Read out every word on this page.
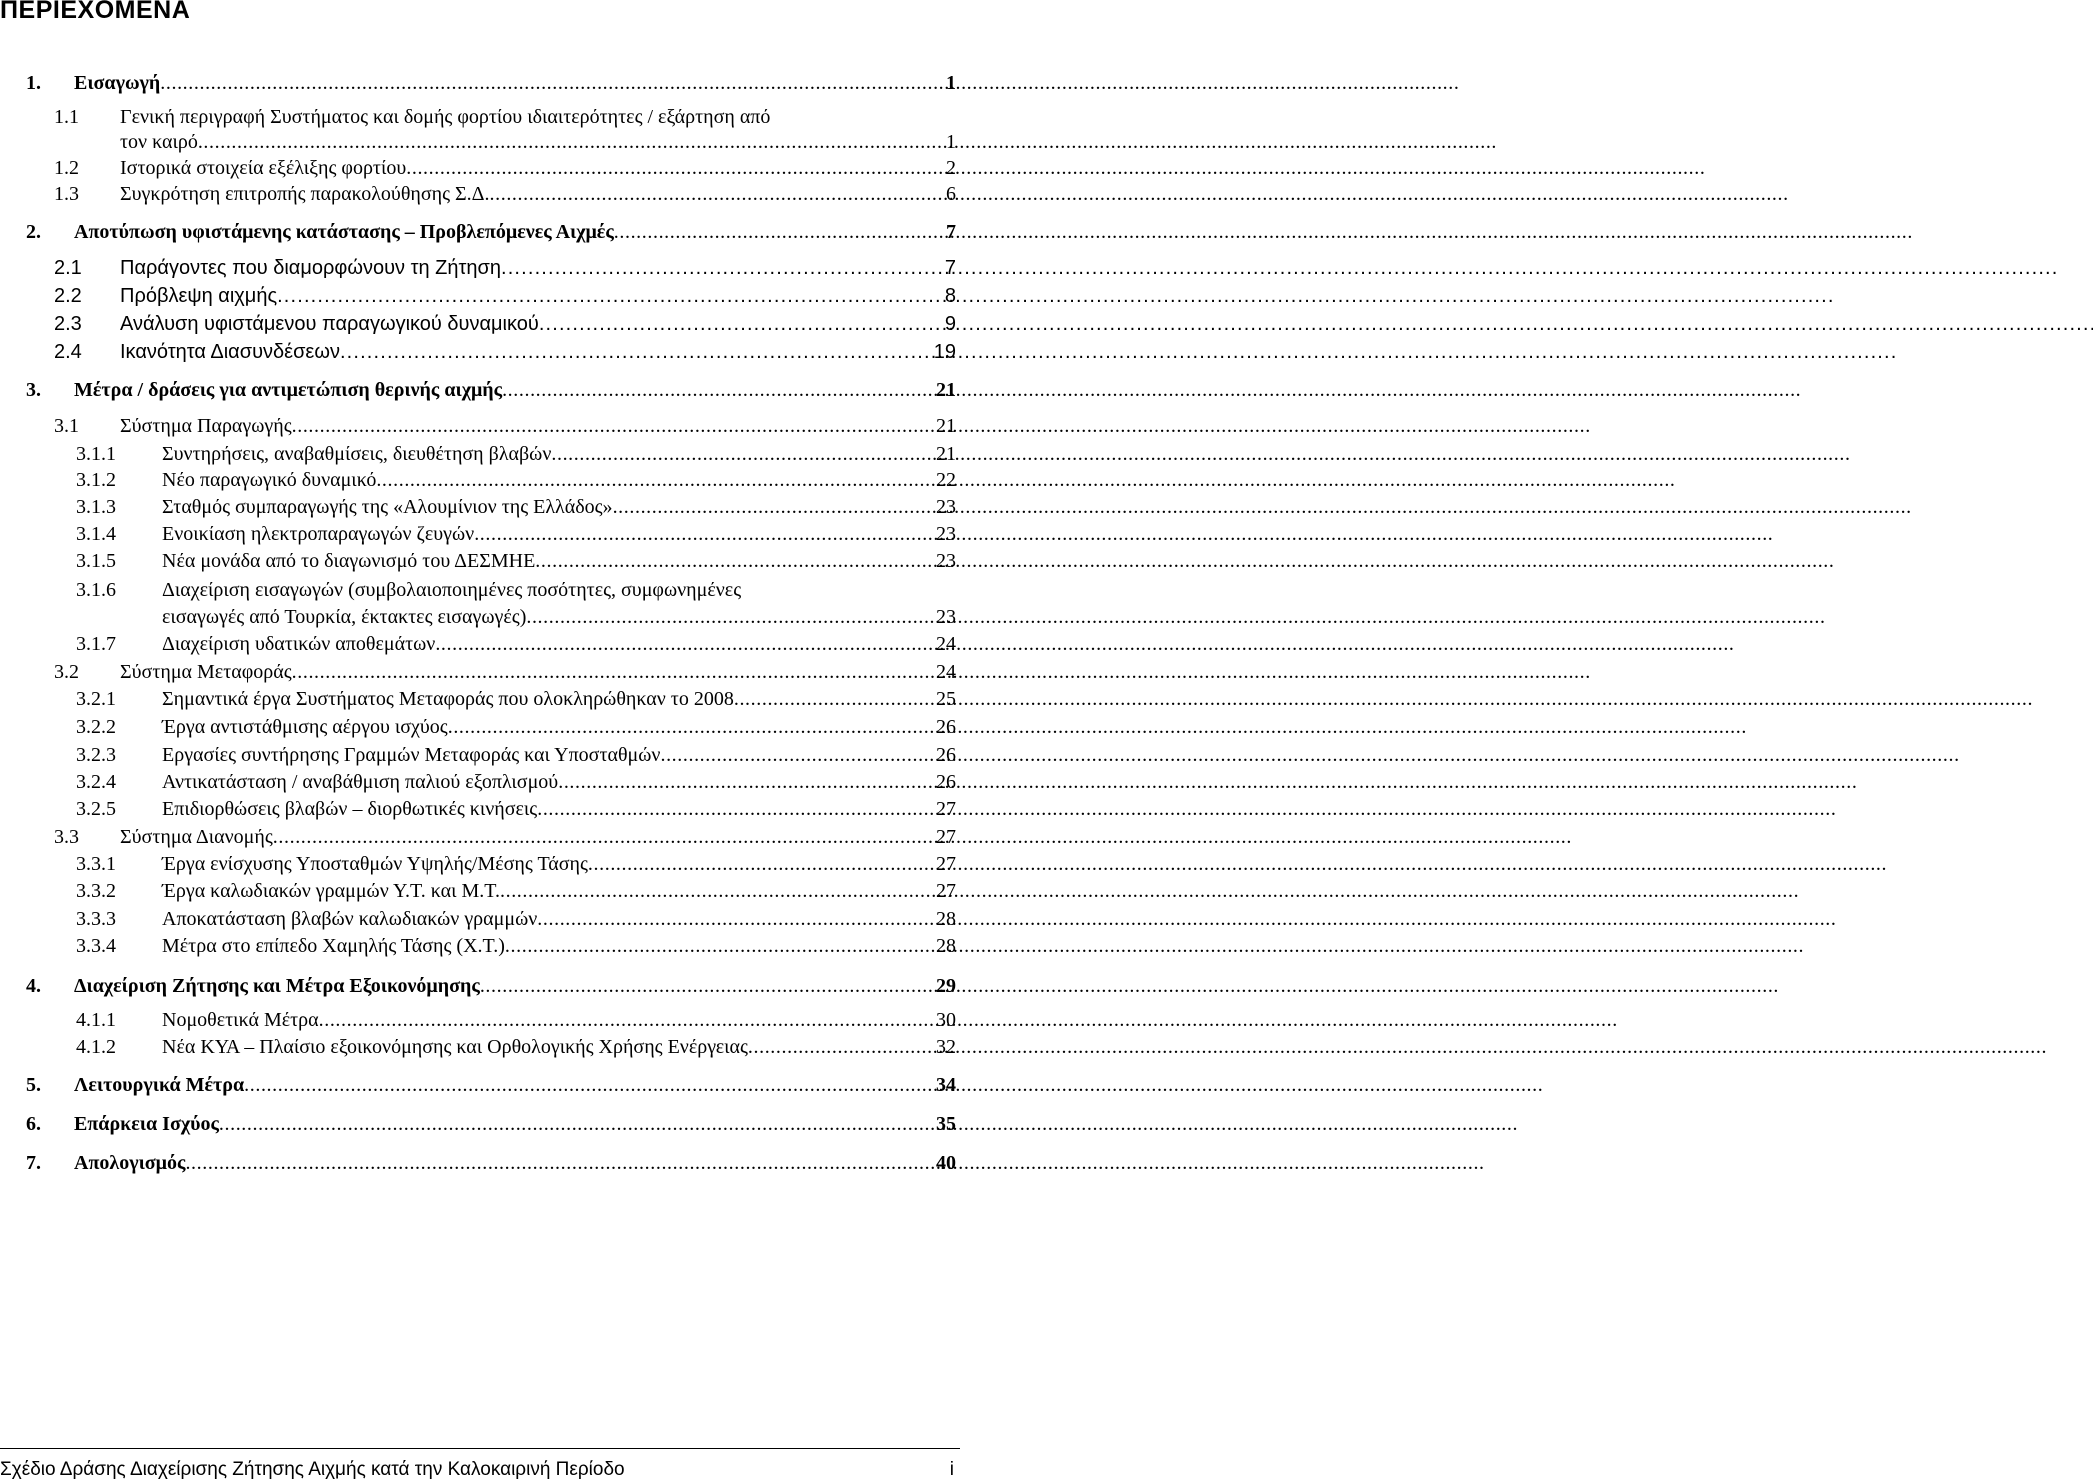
ΠΕΡΙΕΧΟΜΕΝΑ
1.	Εισαγωγή . . .	1
1.1 Γενική περιγραφή Συστήματος και δομής φορτίου ιδιαιτερότητες / εξάρτηση από
τον καιρό . . .	1
1.2	Ιστορικά στοιχεία εξέλιξης φορτίου . . .	2
1.3	Συγκρότηση επιτροπής παρακολούθησης Σ.Δ. . . .	6
2.	Αποτύπωση υφιστάμενης κατάστασης – Προβλεπόμενες Αιχμές . . .	7
2.1	Παράγοντες που διαμορφώνουν τη Ζήτηση . . .	7
2.2	Πρόβλεψη αιχμής . . .	8
2.3	Ανάλυση υφιστάμενου παραγωγικού δυναμικού . . .	9
2.4	Ικανότητα Διασυνδέσεων . . .	19
3.	Μέτρα / δράσεις για αντιμετώπιση θερινής αιχμής . . .	21
3.1	Σύστημα Παραγωγής . . .	21
3.1.1	Συντηρήσεις, αναβαθμίσεις, διευθέτηση βλαβών . . .	21
3.1.2	Νέο παραγωγικό δυναμικό . . .	22
3.1.3	Σταθμός συμπαραγωγής της «Αλουμίνιον της Ελλάδος» . . .	23
3.1.4	Ενοικίαση ηλεκτροπαραγωγών ζευγών . . .	23
3.1.5	Νέα μονάδα από το διαγωνισμό του ΔΕΣΜΗΕ . . .	23
3.1.6 Διαχείριση εισαγωγών (συμβολαιοποιημένες ποσότητες, συμφωνημένες
εισαγωγές από Τουρκία, έκτακτες εισαγωγές) . . .	23
3.1.7	Διαχείριση υδατικών αποθεμάτων . . .	24
3.2	Σύστημα Μεταφοράς . . .	24
3.2.1	Σημαντικά έργα Συστήματος Μεταφοράς που ολοκληρώθηκαν το 2008 . . .	25
3.2.2	Έργα αντιστάθμισης αέργου ισχύος . . .	26
3.2.3	Εργασίες συντήρησης Γραμμών Μεταφοράς και Υποσταθμών . . .	26
3.2.4	Αντικατάσταση / αναβάθμιση παλιού εξοπλισμού . . .	26
3.2.5	Επιδιορθώσεις βλαβών – διορθωτικές κινήσεις . . .	27
3.3	Σύστημα Διανομής . . .	27
3.3.1	Έργα ενίσχυσης Υποσταθμών Υψηλής/Μέσης Τάσης . . .	27
3.3.2	Έργα καλωδιακών γραμμών Υ.Τ. και Μ.Τ. . . .	27
3.3.3	Αποκατάσταση βλαβών καλωδιακών γραμμών . . .	28
3.3.4	Μέτρα στο επίπεδο Χαμηλής Τάσης (Χ.Τ.) . . .	28
4.	Διαχείριση Ζήτησης και Μέτρα Εξοικονόμησης . . .	29
4.1.1	Νομοθετικά Μέτρα . . .	30
4.1.2	Νέα ΚΥΑ – Πλαίσιο εξοικονόμησης και Ορθολογικής Χρήσης Ενέργειας . . .	32
5.	Λειτουργικά Μέτρα . . .	34
6.	Επάρκεια Ισχύος . . .	35
7.	Απολογισμός . . .	40
Σχέδιο Δράσης Διαχείρισης Ζήτησης Αιχμής κατά την Καλοκαιρινή Περίοδο	i
